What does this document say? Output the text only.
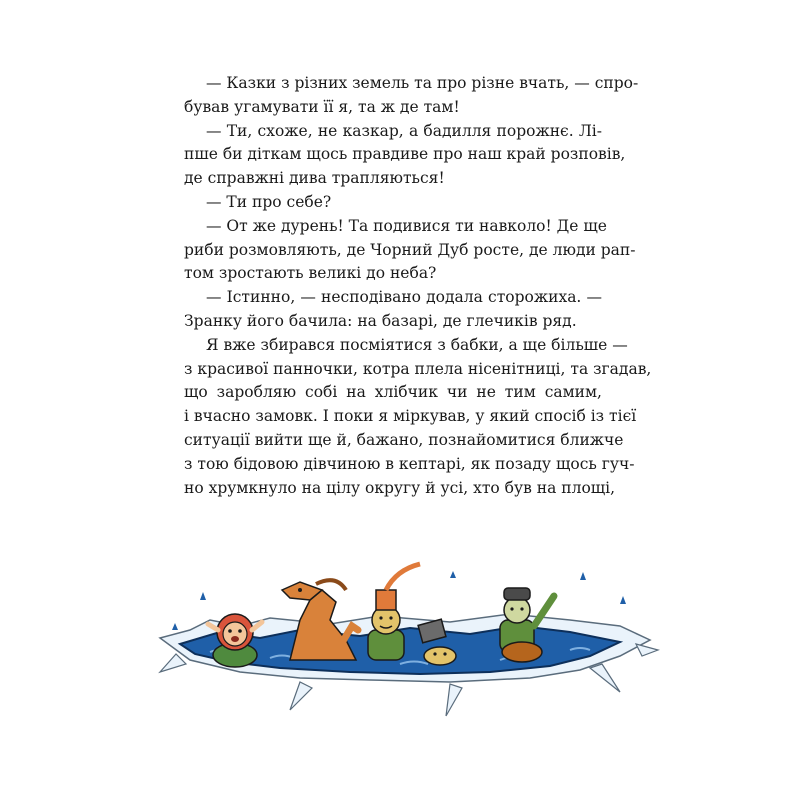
— Казки з різних земель та про різне вчать, — спро-
бував угамувати її я, та ж де там!
— Ти, схоже, не казкар, а бадилля порожнє. Лі-
пше би діткам щось правдиве про наш край розповів,
де справжні дива трапляються!
— Ти про себе?
— От же дурень! Та подивися ти навколо! Де ще
риби розмовляють, де Чорний Дуб росте, де люди рап-
том зростають великі до неба?
— Істинно, — несподівано додала сторожиха. —
Зранку його бачила: на базарі, де глечиків ряд.
Я вже збирався посміятися з бабки, а ще більше —
з красивої панночки, котра плела нісенітниці, та згадав,
що заробляю собі на хлібчик чи не тим самим,
і вчасно замовк. І поки я міркував, у який спосіб із тієї
ситуації вийти ще й, бажано, познайомитися ближче
з тою бідовою дівчиною в кептарі, як позаду щось гуч-
но хрумкнуло на цілу округу й усі, хто був на площі,
